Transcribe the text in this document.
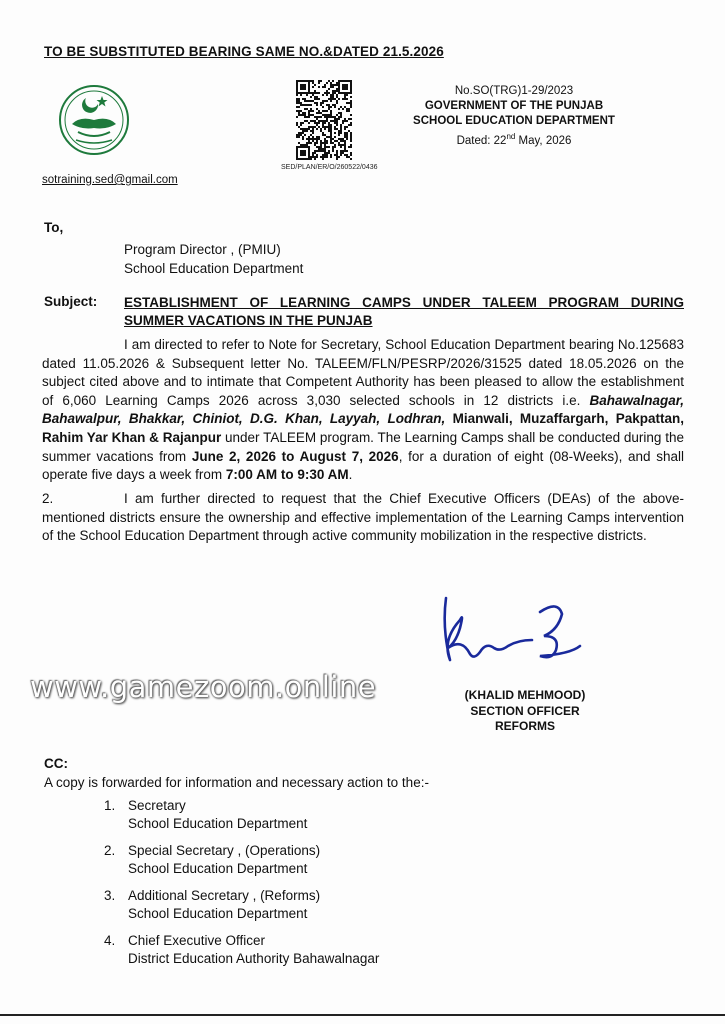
TO BE SUBSTITUTED BEARING SAME NO.&DATED 21.5.2026
SED/PLAN/ER/O/260522/0436
sotraining.sed@gmail.com
No.SO(TRG)1-29/2023
GOVERNMENT OF THE PUNJAB
SCHOOL EDUCATION DEPARTMENT
Dated: 22nd May, 2026
To,
Program Director , (PMIU)
School Education Department
Subject: ESTABLISHMENT OF LEARNING CAMPS UNDER TALEEM PROGRAM DURING SUMMER VACATIONS IN THE PUNJAB
I am directed to refer to Note for Secretary, School Education Department bearing No.125683 dated 11.05.2026 & Subsequent letter No. TALEEM/FLN/PESRP/2026/31525 dated 18.05.2026 on the subject cited above and to intimate that Competent Authority has been pleased to allow the establishment of 6,060 Learning Camps 2026 across 3,030 selected schools in 12 districts i.e. Bahawalnagar, Bahawalpur, Bhakkar, Chiniot, D.G. Khan, Layyah, Lodhran, Mianwali, Muzaffargarh, Pakpattan, Rahim Yar Khan & Rajanpur under TALEEM program. The Learning Camps shall be conducted during the summer vacations from June 2, 2026 to August 7, 2026, for a duration of eight (08-Weeks), and shall operate five days a week from 7:00 AM to 9:30 AM.
2.	I am further directed to request that the Chief Executive Officers (DEAs) of the above-mentioned districts ensure the ownership and effective implementation of the Learning Camps intervention of the School Education Department through active community mobilization in the respective districts.
www.gamezoom.online	(KHALID MEHMOOD)
SECTION OFFICER
REFORMS
CC:
A copy is forwarded for information and necessary action to the:-
1. Secretary
School Education Department
2. Special Secretary , (Operations)
School Education Department
3. Additional Secretary , (Reforms)
School Education Department
4. Chief Executive Officer
District Education Authority Bahawalnagar
